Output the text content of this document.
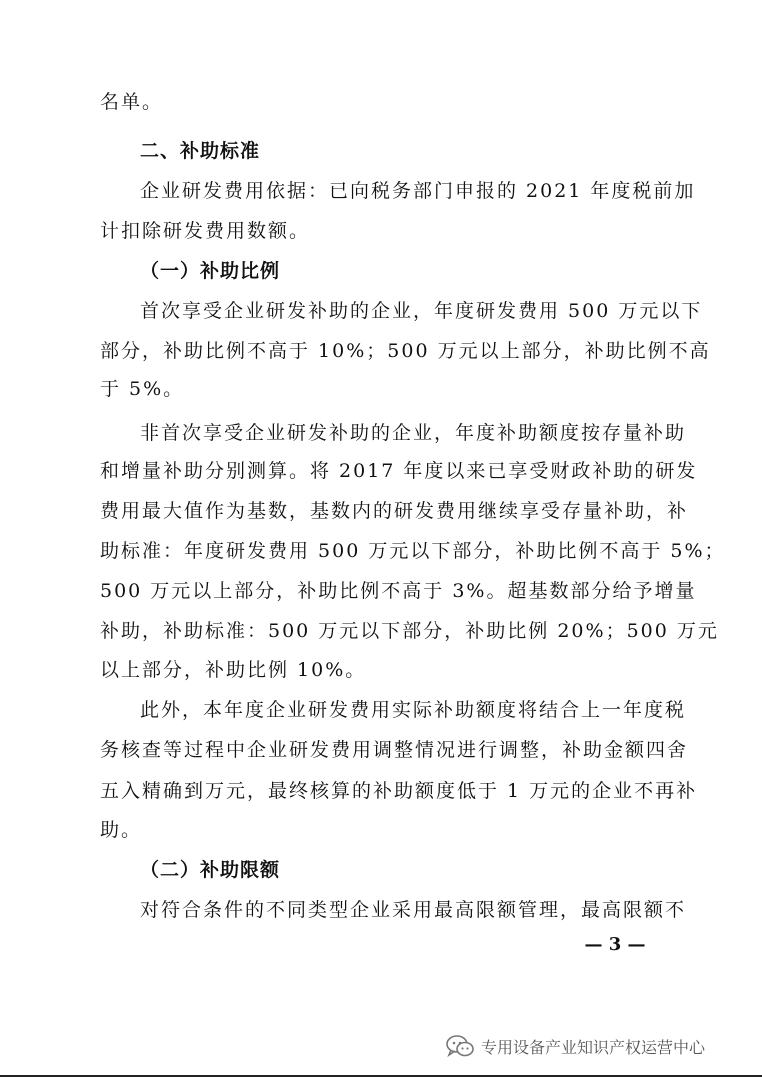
名单。
二、补助标准
企业研发费用依据：已向税务部门申报的 2021 年度税前加
计扣除研发费用数额。
（一）补助比例
首次享受企业研发补助的企业，年度研发费用 500 万元以下
部分，补助比例不高于 10%；500 万元以上部分，补助比例不高
于 5%。
非首次享受企业研发补助的企业，年度补助额度按存量补助
和增量补助分别测算。将 2017 年度以来已享受财政补助的研发
费用最大值作为基数，基数内的研发费用继续享受存量补助，补
助标准：年度研发费用 500 万元以下部分，补助比例不高于 5%；
500 万元以上部分，补助比例不高于 3%。超基数部分给予增量
补助，补助标准：500 万元以下部分，补助比例 20%；500 万元
以上部分，补助比例 10%。
此外，本年度企业研发费用实际补助额度将结合上一年度税
务核查等过程中企业研发费用调整情况进行调整，补助金额四舍
五入精确到万元，最终核算的补助额度低于 1 万元的企业不再补
助。
（二）补助限额
对符合条件的不同类型企业采用最高限额管理，最高限额不
— 3 —
专用设备产业知识产权运营中心
